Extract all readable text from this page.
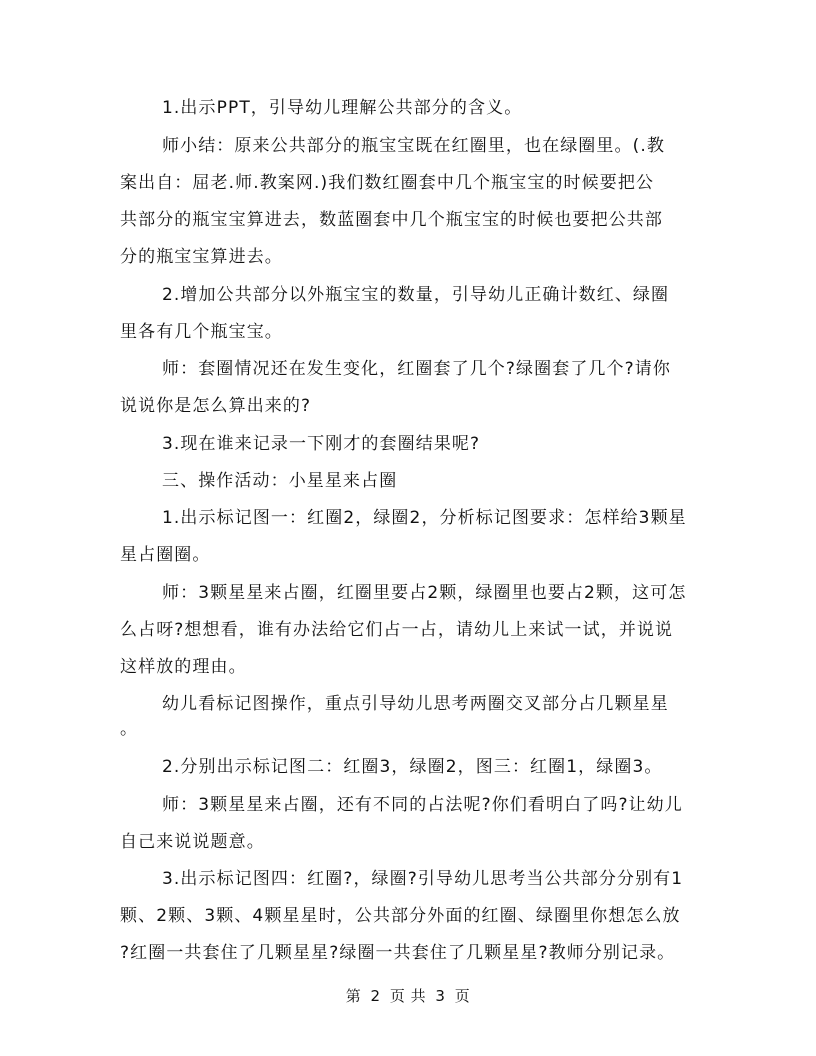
1.出示PPT，引导幼儿理解公共部分的含义。
师小结：原来公共部分的瓶宝宝既在红圈里，也在绿圈里。(.教
案出自：屈老.师.教案网.)我们数红圈套中几个瓶宝宝的时候要把公
共部分的瓶宝宝算进去，数蓝圈套中几个瓶宝宝的时候也要把公共部
分的瓶宝宝算进去。
2.增加公共部分以外瓶宝宝的数量，引导幼儿正确计数红、绿圈
里各有几个瓶宝宝。
师：套圈情况还在发生变化，红圈套了几个?绿圈套了几个?请你
说说你是怎么算出来的?
3.现在谁来记录一下刚才的套圈结果呢?
三、操作活动：小星星来占圈
1.出示标记图一：红圈2，绿圈2，分析标记图要求：怎样给3颗星
星占圈圈。
师：3颗星星来占圈，红圈里要占2颗，绿圈里也要占2颗，这可怎
么占呀?想想看，谁有办法给它们占一占，请幼儿上来试一试，并说说
这样放的理由。
幼儿看标记图操作，重点引导幼儿思考两圈交叉部分占几颗星星
。
2.分别出示标记图二：红圈3，绿圈2，图三：红圈1，绿圈3。
师：3颗星星来占圈，还有不同的占法呢?你们看明白了吗?让幼儿
自己来说说题意。
3.出示标记图四：红圈?，绿圈?引导幼儿思考当公共部分分别有1
颗、2颗、3颗、4颗星星时，公共部分外面的红圈、绿圈里你想怎么放
?红圈一共套住了几颗星星?绿圈一共套住了几颗星星?教师分别记录。
第 2 页 共 3 页
